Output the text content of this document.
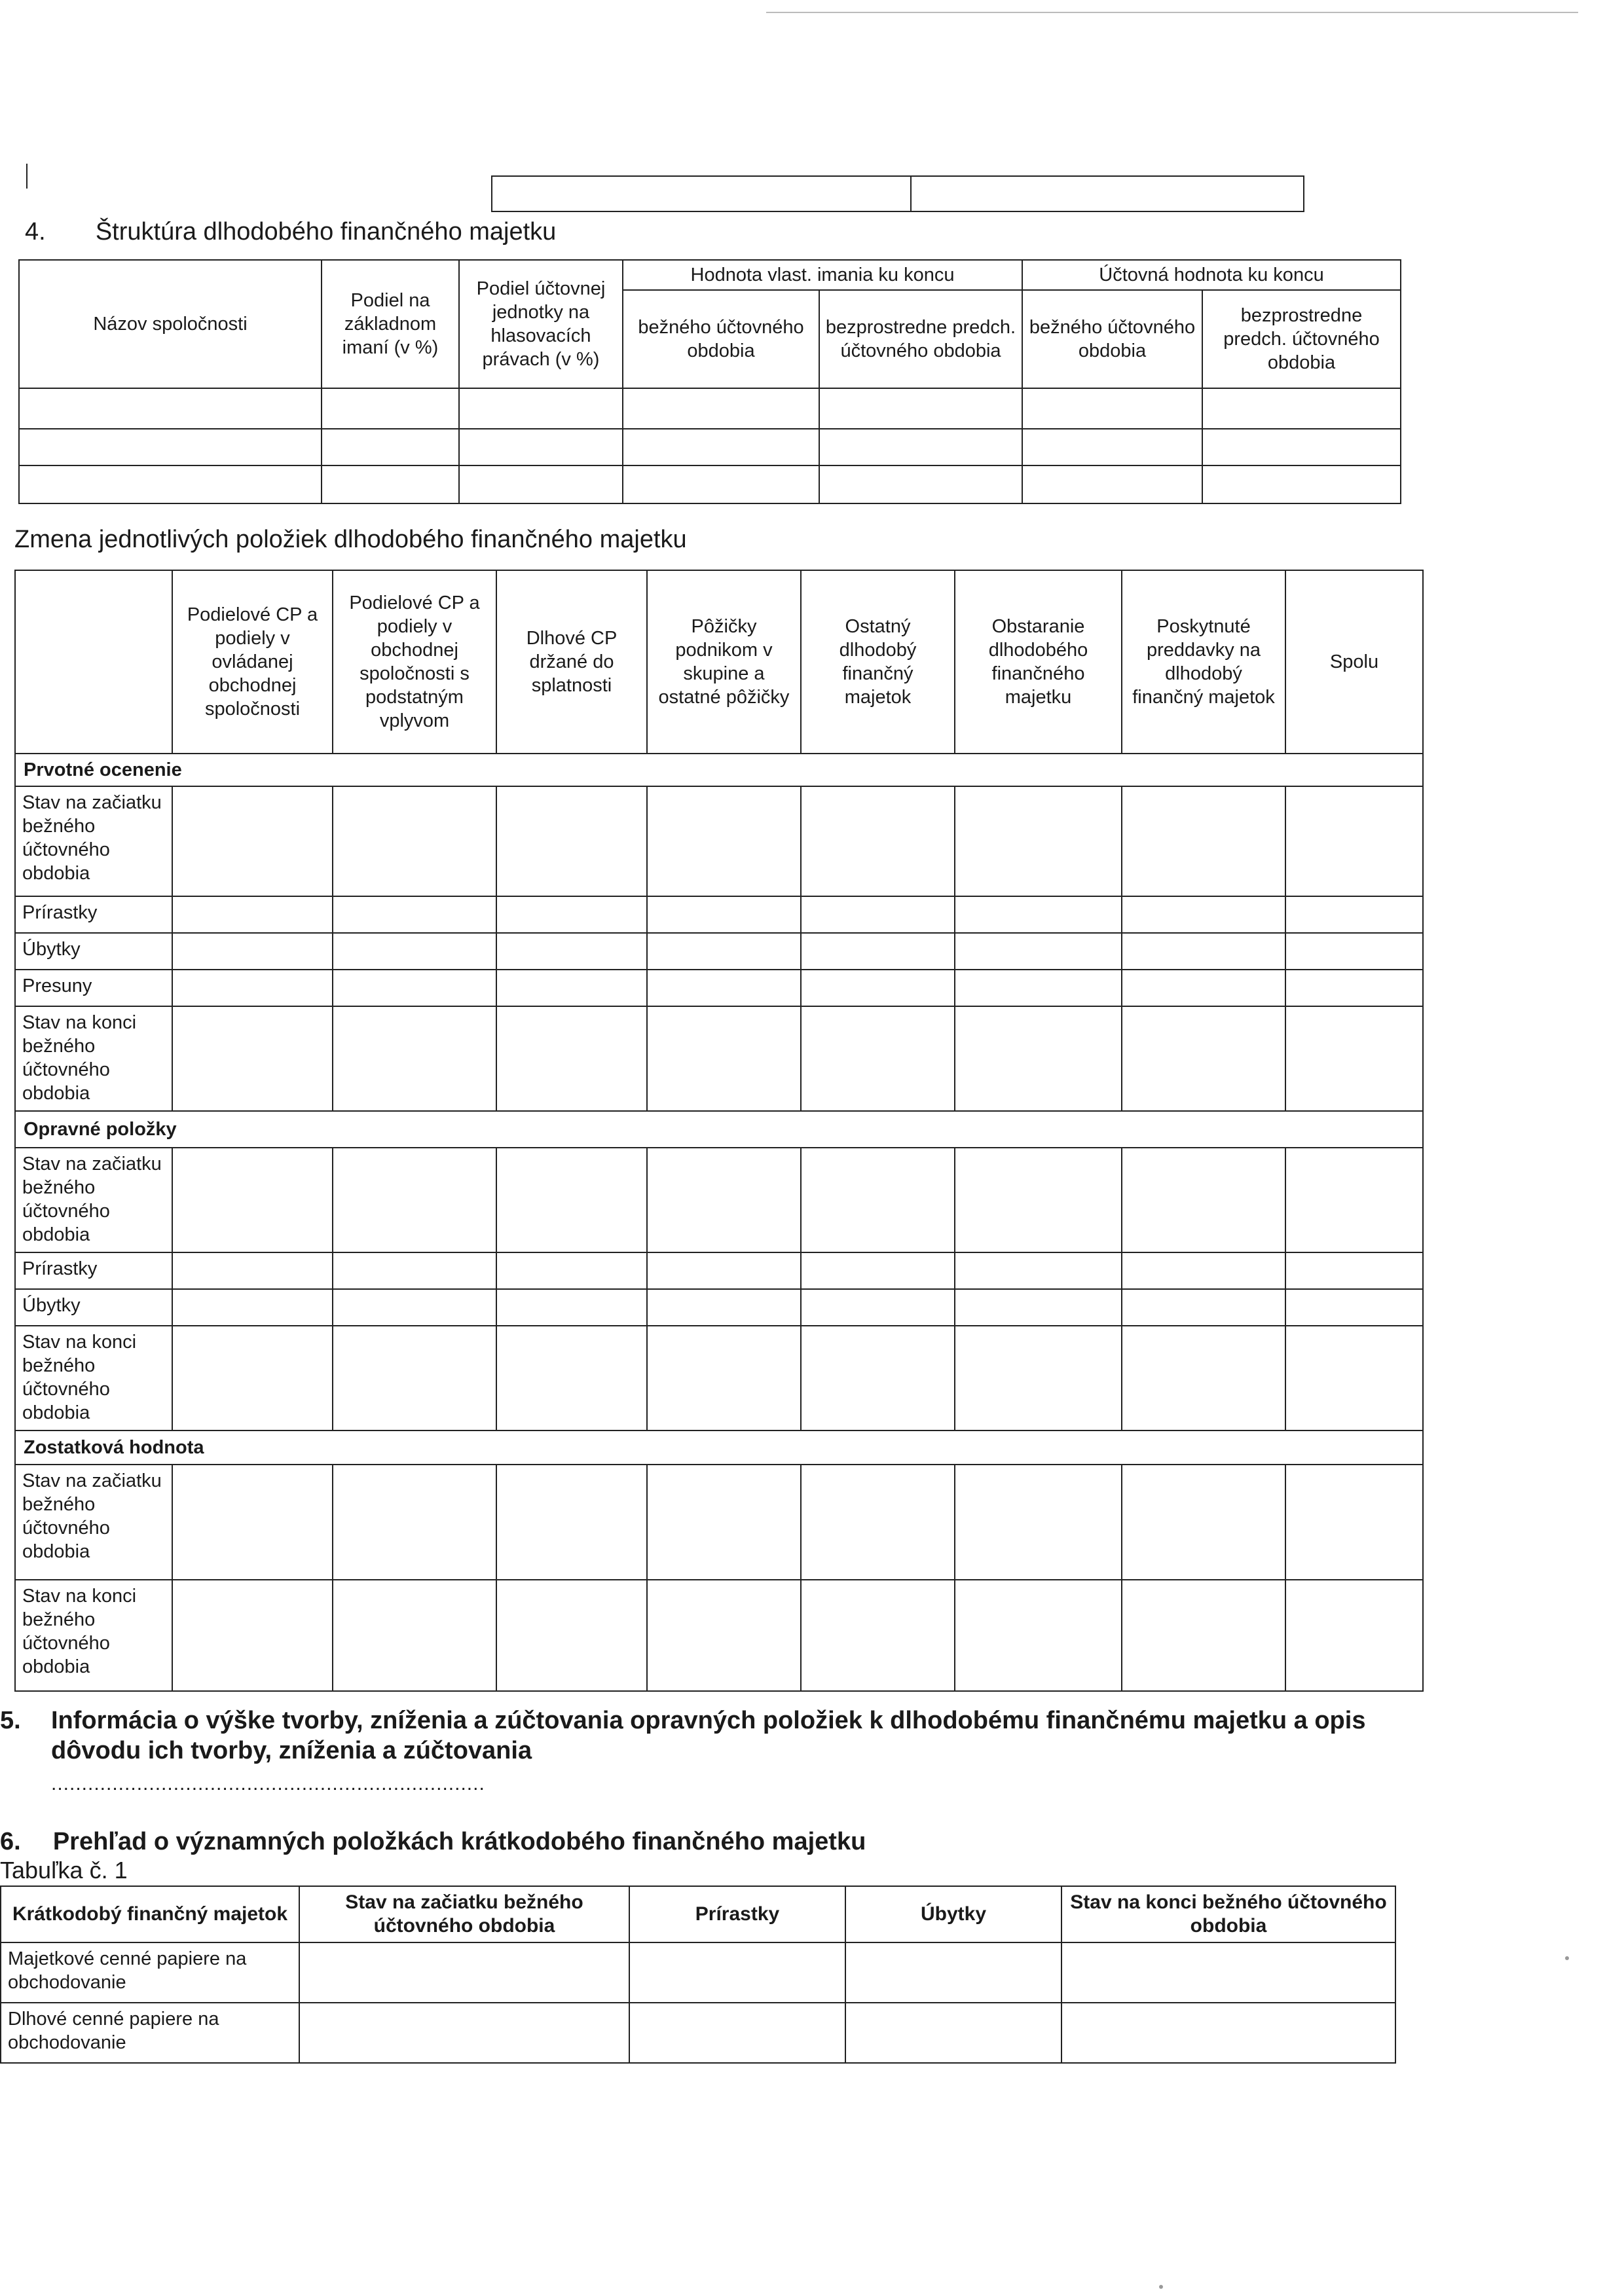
4. Štruktúra dlhodobého finančného majetku
Názov spoločnosti	Podiel na základnom imaní (v %)	Podiel účtovnej jednotky na hlasovacích právach (v %)	Hodnota vlast. imania ku koncu		Účtovná hodnota ku koncu	
			bežného účtovného obdobia	bezprostredne predch. účtovného obdobia	bežného účtovného obdobia	bezprostredne predch. účtovného obdobia

Zmena jednotlivých položiek dlhodobého finančného majetku
	Podielové CP a podiely v ovládanej obchodnej spoločnosti	Podielové CP a podiely v obchodnej spoločnosti s podstatným vplyvom	Dlhové CP držané do splatnosti	Pôžičky podnikom v skupine a ostatné pôžičky	Ostatný dlhodobý finančný majetok	Obstaranie dlhodobého finančného majetku	Poskytnuté preddavky na dlhodobý finančný majetok	Spolu
Prvotné ocenenie								
Stav na začiatku bežného účtovného obdobia								
Prírastky								
Úbytky								
Presuny								
Stav na konci bežného účtovného obdobia								
Opravné položky								
Stav na začiatku bežného účtovného obdobia								
Prírastky								
Úbytky								
Stav na konci bežného účtovného obdobia								
Zostatková hodnota								
Stav na začiatku bežného účtovného obdobia								
Stav na konci bežného účtovného obdobia								
5. Informácia o výške tvorby, zníženia a zúčtovania opravných položiek k dlhodobému finančnému majetku a opis dôvodu ich tvorby, zníženia a zúčtovania
.......................................................................
6. Prehľad o významných položkách krátkodobého finančného majetku
Tabuľka č. 1
Krátkodobý finančný majetok	Stav na začiatku bežného účtovného obdobia	Prírastky	Úbytky	Stav na konci bežného účtovného obdobia
Majetkové cenné papiere na obchodovanie				
Dlhové cenné papiere na obchodovanie				
